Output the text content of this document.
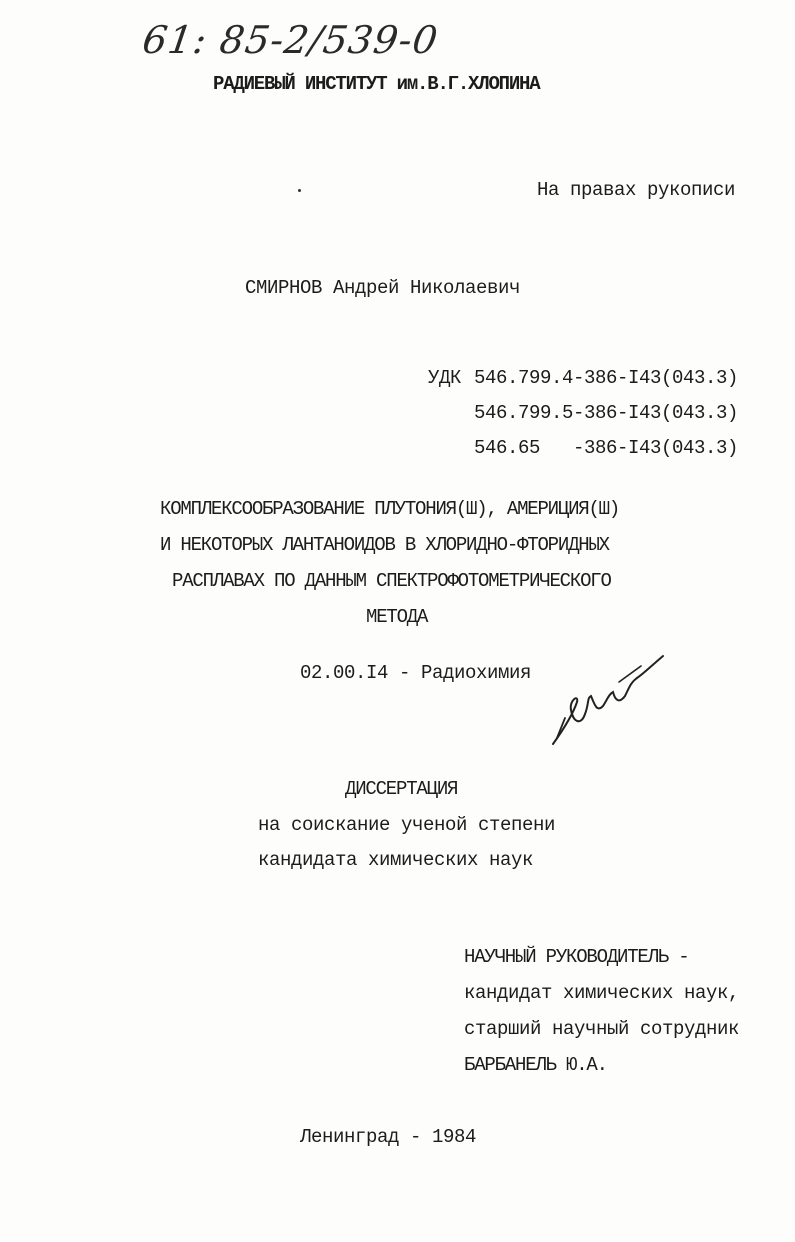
61: 85-2/539-0
РАДИЕВЫЙ ИНСТИТУТ им.В.Г.ХЛОПИНА
На правах рукописи
СМИРНОВ Андрей Николаевич
УДК 546.799.4-386-I43(043.3)
546.799.5-386-I43(043.3)
546.65   -386-I43(043.3)
КОМПЛЕКСООБРАЗОВАНИЕ ПЛУТОНИЯ(Ш), АМЕРИЦИЯ(Ш)
И НЕКОТОРЫХ ЛАНТАНОИДОВ В ХЛОРИДНО-ФТОРИДНЫХ
РАСПЛАВАХ ПО ДАННЫМ СПЕКТРОФОТОМЕТРИЧЕСКОГО
МЕТОДА
02.00.I4 - Радиохимия
ДИССЕРТАЦИЯ
на соискание ученой степени
кандидата химических наук
НАУЧНЫЙ РУКОВОДИТЕЛЬ -
кандидат химических наук,
старший научный сотрудник
БАРБАНЕЛЬ Ю.А.
Ленинград - 1984
